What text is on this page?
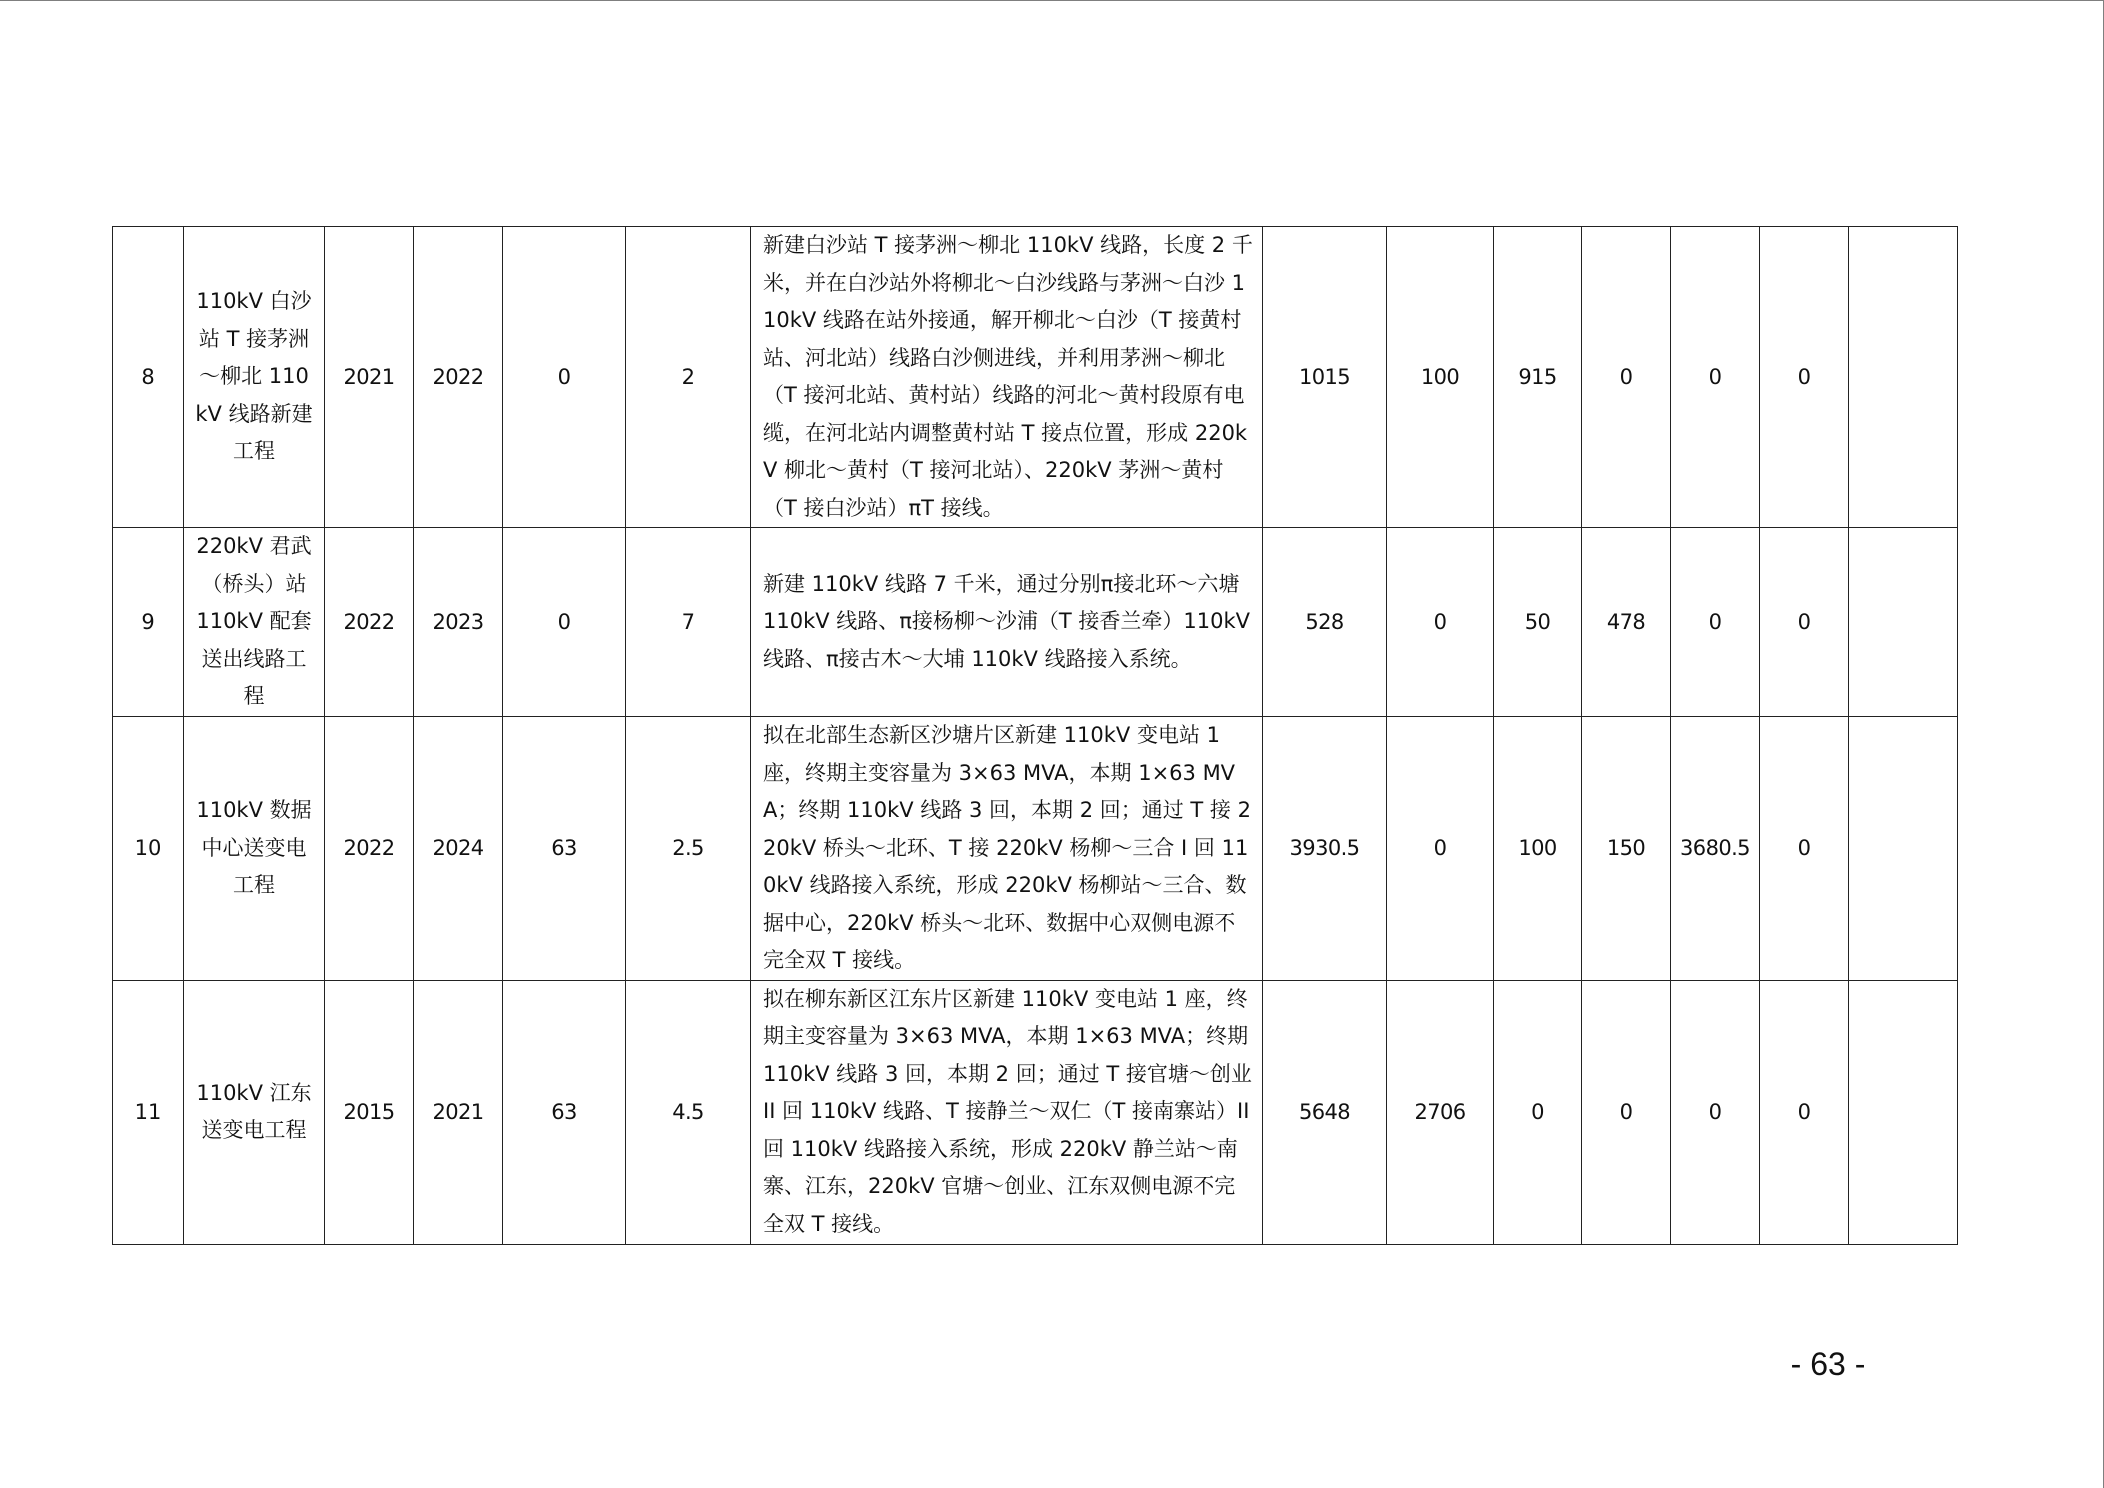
8	110kV 白沙站 T 接茅洲～柳北 110kV 线路新建工程	2021	2022	0	2	新建白沙站 T 接茅洲～柳北 110kV 线路，长度 2 千米，并在白沙站外将柳北～白沙线路与茅洲～白沙 110kV 线路在站外接通，解开柳北～白沙（T 接黄村站、河北站）线路白沙侧进线，并利用茅洲～柳北（T 接河北站、黄村站）线路的河北～黄村段原有电缆，在河北站内调整黄村站 T 接点位置，形成 220kV 柳北～黄村（T 接河北站）、220kV 茅洲～黄村（T 接白沙站）πT 接线。	1015	100	915	0	0	0	
9	220kV 君武（桥头）站 110kV 配套送出线路工程	2022	2023	0	7	新建 110kV 线路 7 千米，通过分别π接北环～六塘 110kV 线路、π接杨柳～沙浦（T 接香兰牵）110kV 线路、π接古木～大埔 110kV 线路接入系统。	528	0	50	478	0	0	
10	110kV 数据中心送变电工程	2022	2024	63	2.5	拟在北部生态新区沙塘片区新建 110kV 变电站 1 座，终期主变容量为 3×63 MVA，本期 1×63 MVA；终期 110kV 线路 3 回，本期 2 回；通过 T 接 220kV 桥头～北环、T 接 220kV 杨柳～三合 I 回 110kV 线路接入系统，形成 220kV 杨柳站～三合、数据中心，220kV 桥头～北环、数据中心双侧电源不完全双 T 接线。	3930.5	0	100	150	3680.5	0	
11	110kV 江东送变电工程	2015	2021	63	4.5	拟在柳东新区江东片区新建 110kV 变电站 1 座，终期主变容量为 3×63 MVA，本期 1×63 MVA；终期 110kV 线路 3 回，本期 2 回；通过 T 接官塘～创业 II 回 110kV 线路、T 接静兰～双仁（T 接南寨站）II 回 110kV 线路接入系统，形成 220kV 静兰站～南寨、江东，220kV 官塘～创业、江东双侧电源不完全双 T 接线。	5648	2706	0	0	0	0	
- 63 -
